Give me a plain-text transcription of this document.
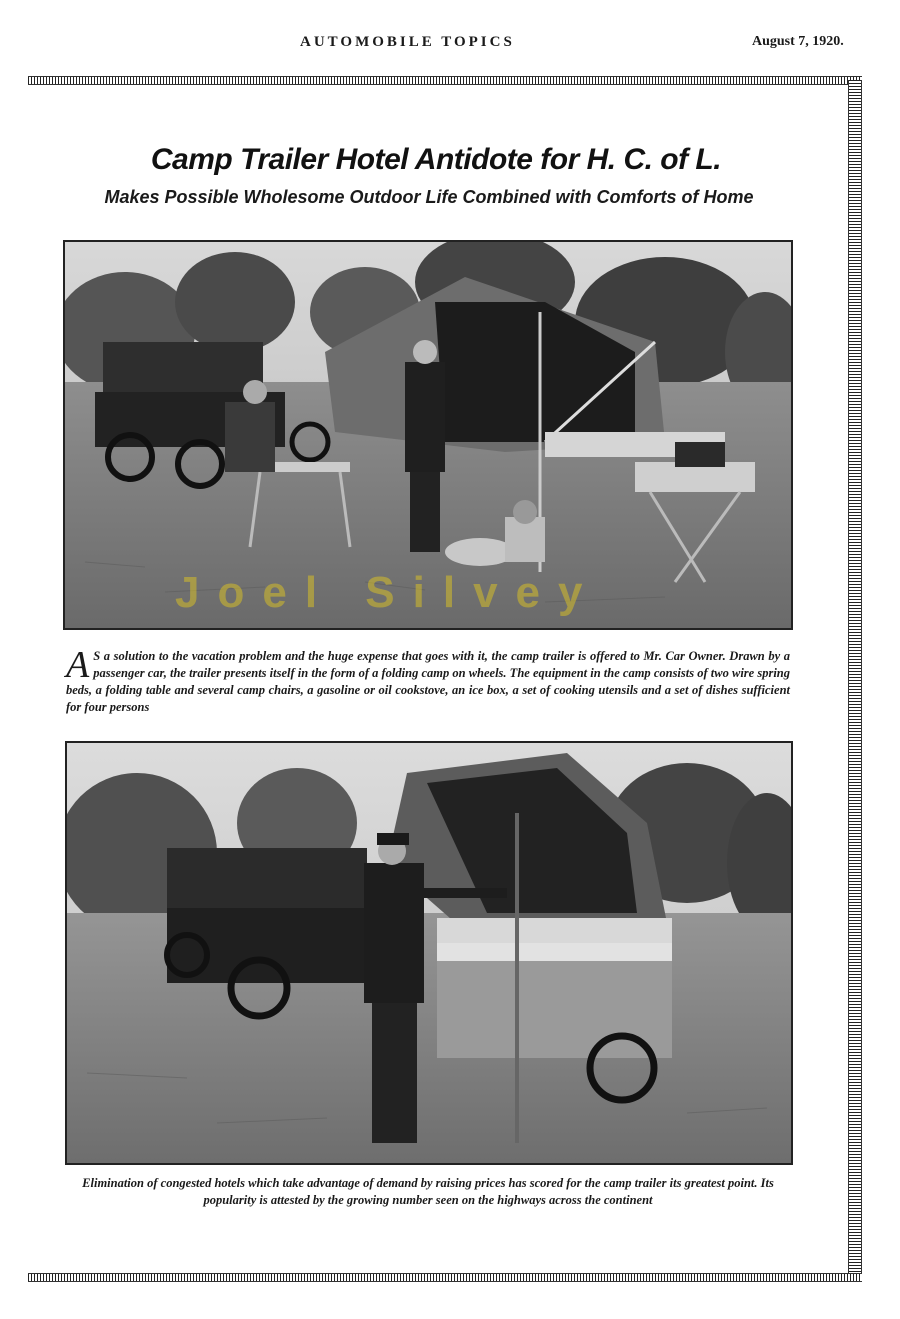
AUTOMOBILE TOPICS	August 7, 1920.
Camp Trailer Hotel Antidote for H. C. of L.
Makes Possible Wholesome Outdoor Life Combined with Comforts of Home
Joel Silvey
A S a solution to the vacation problem and the huge expense that goes with it, the camp trailer is offered to Mr. Car Owner. Drawn by a passenger car, the trailer presents itself in the form of a folding camp on wheels. The equipment in the camp consists of two wire spring beds, a folding table and several camp chairs, a gasoline or oil cookstove, an ice box, a set of cooking utensils and a set of dishes sufficient for four persons
Elimination of congested hotels which take advantage of demand by raising prices has scored for the camp trailer its greatest point. Its popularity is attested by the growing number seen on the highways across the continent
